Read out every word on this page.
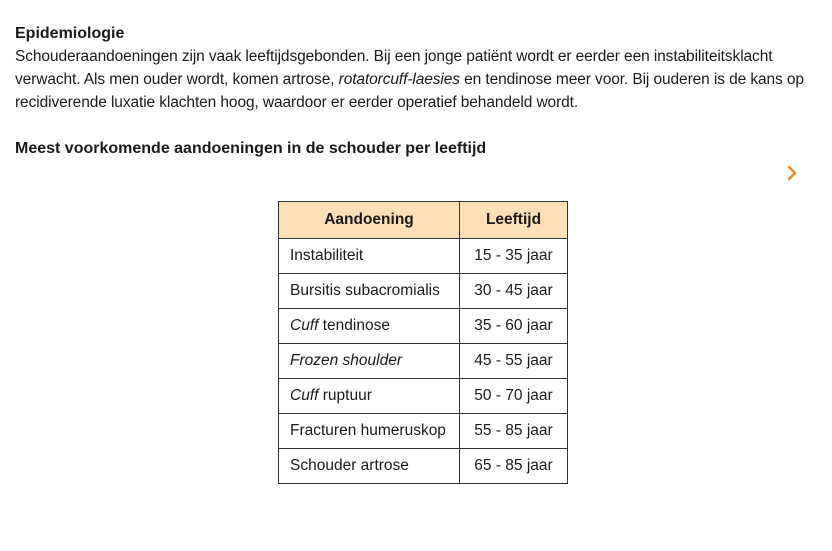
Epidemiologie

Schouderaandoeningen zijn vaak leeftijdsgebonden. Bij een jonge patiënt wordt er eerder een instabiliteitsklacht verwacht. Als men ouder wordt, komen artrose, rotatorcuff-laesies en tendinose meer voor. Bij ouderen is de kans op recidiverende luxatie klachten hoog, waardoor er eerder operatief behandeld wordt.

Meest voorkomende aandoeningen in de schouder per leeftijd
Aandoening	Leeftijd
Instabiliteit	15 - 35 jaar
Bursitis subacromialis	30 - 45 jaar
Cuff tendinose	35 - 60 jaar
Frozen shoulder	45 - 55 jaar
Cuff ruptuur	50 - 70 jaar
Fracturen humeruskop	55 - 85 jaar
Schouder artrose	65 - 85 jaar
